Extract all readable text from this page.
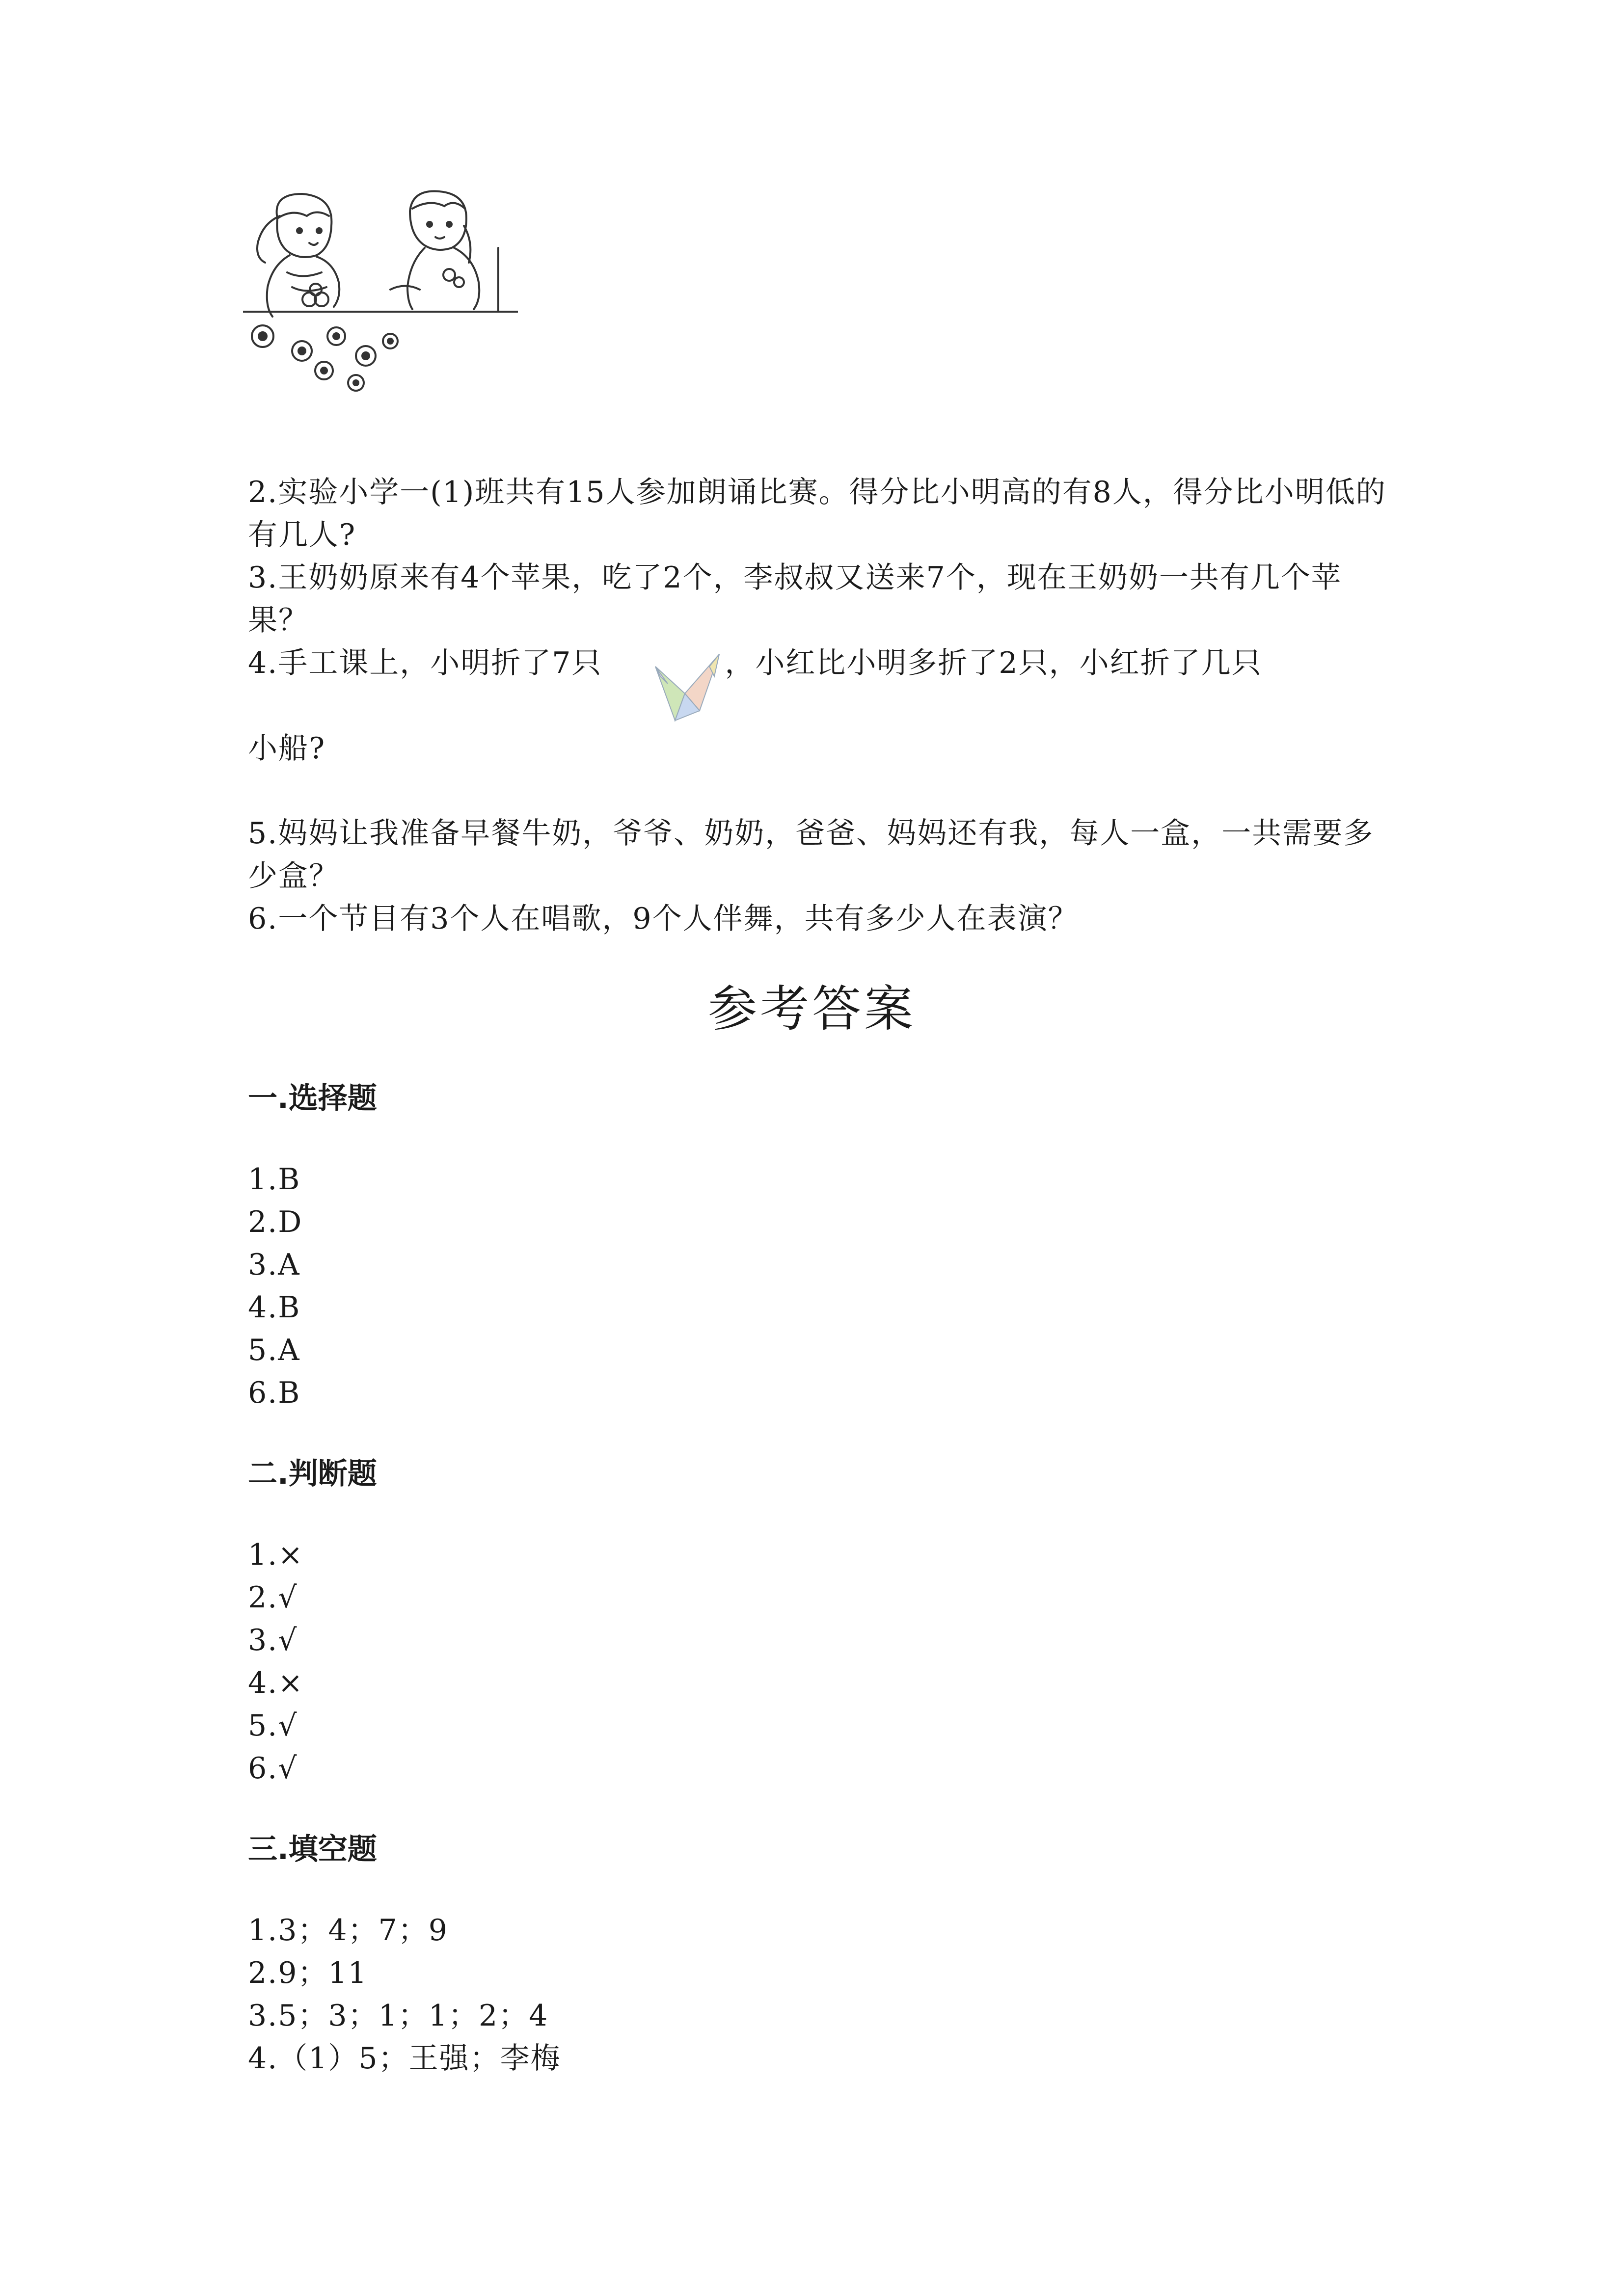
2.实验小学一(1)班共有15人参加朗诵比赛。得分比小明高的有8人，得分比小明低的有几人?

3.王奶奶原来有4个苹果，吃了2个，李叔叔又送来7个，现在王奶奶一共有几个苹果？

4.手工课上，小明折了7只	，小红比小明多折了2只，小红折了几只

小船?

5.妈妈让我准备早餐牛奶，爷爷、奶奶，爸爸、妈妈还有我，每人一盒，一共需要多少盒？

6.一个节目有3个人在唱歌，9个人伴舞，共有多少人在表演？

参考答案
一.选择题
1.B
2.D
3.A
4.B
5.A
6.B
二.判断题
1.×
2.√
3.√
4.×
5.√
6.√
三.填空题
1.3；4；7；9
2.9；11
3.5；3；1；1；2；4
4.（1）5；王强；李梅
